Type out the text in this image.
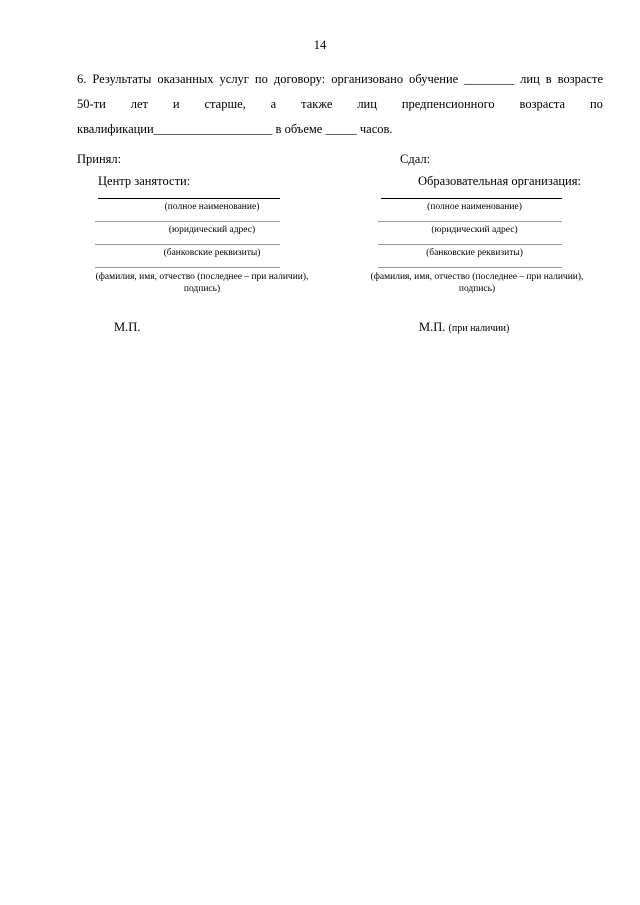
14
6. Результаты оказанных услуг по договору: организовано обучение ________ лиц в возрасте
50-ти лет и старше, а также лиц предпенсионного возраста по
квалификации___________________ в объеме _____ часов.
Принял:
Центр занятости:
(полное наименование)
(юридический адрес)
(банковские реквизиты)
(фамилия, имя, отчество (последнее – при наличии),
подпись)
Сдал:
Образовательная организация:
(полное наименование)
(юридический адрес)
(банковские реквизиты)
(фамилия, имя, отчество (последнее – при наличии),
подпись)
М.П.	М.П. (при наличии)
